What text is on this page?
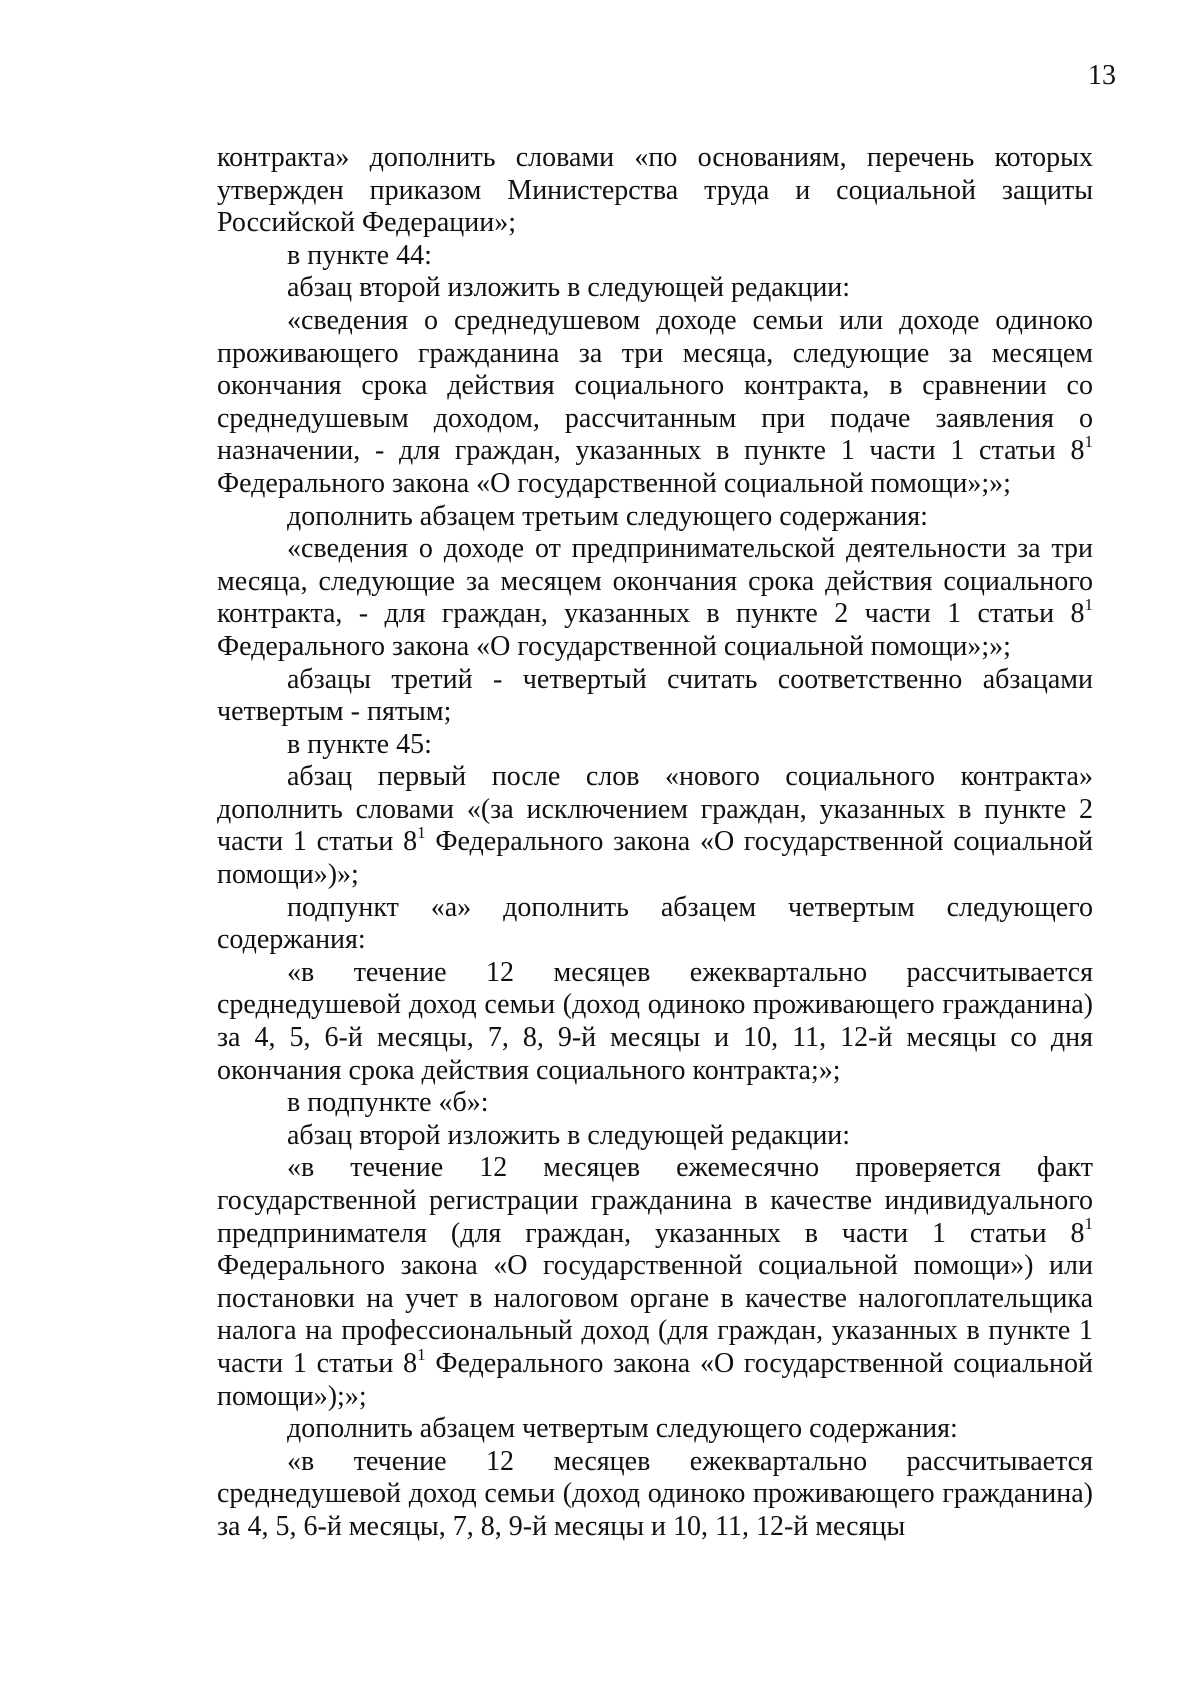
13

контракта» дополнить словами «по основаниям, перечень которых утвержден приказом Министерства труда и социальной защиты Российской Федерации»;

в пункте 44:

абзац второй изложить в следующей редакции:

«сведения о среднедушевом доходе семьи или доходе одиноко проживающего гражданина за три месяца, следующие за месяцем окончания срока действия социального контракта, в сравнении со среднедушевым доходом, рассчитанным при подаче заявления о назначении, - для граждан, указанных в пункте 1 части 1 статьи $8^1$ Федерального закона «О государственной социальной помощи»;»;

дополнить абзацем третьим следующего содержания:

«сведения о доходе от предпринимательской деятельности за три месяца, следующие за месяцем окончания срока действия социального контракта, - для граждан, указанных в пункте 2 части 1 статьи $8^1$ Федерального закона «О государственной социальной помощи»;»;

абзацы третий - четвертый считать соответственно абзацами четвертым - пятым;

в пункте 45:

абзац первый после слов «нового социального контракта» дополнить словами «(за исключением граждан, указанных в пункте 2 части 1 статьи $8^1$ Федерального закона «О государственной социальной помощи»)»;

подпункт «а» дополнить абзацем четвертым следующего содержания:

«в течение 12 месяцев ежеквартально рассчитывается среднедушевой доход семьи (доход одиноко проживающего гражданина) за 4, 5, 6-й месяцы, 7, 8, 9-й месяцы и 10, 11, 12-й месяцы со дня окончания срока действия социального контракта;»;

в подпункте «б»:

абзац второй изложить в следующей редакции:

«в течение 12 месяцев ежемесячно проверяется факт государственной регистрации гражданина в качестве индивидуального предпринимателя (для граждан, указанных в части 1 статьи $8^1$ Федерального закона «О государственной социальной помощи») или постановки на учет в налоговом органе в качестве налогоплательщика налога на профессиональный доход (для граждан, указанных в пункте 1 части 1 статьи $8^1$ Федерального закона «О государственной социальной помощи»);»;

дополнить абзацем четвертым следующего содержания:

«в течение 12 месяцев ежеквартально рассчитывается среднедушевой доход семьи (доход одиноко проживающего гражданина) за 4, 5, 6-й месяцы, 7, 8, 9-й месяцы и 10, 11, 12-й месяцы
